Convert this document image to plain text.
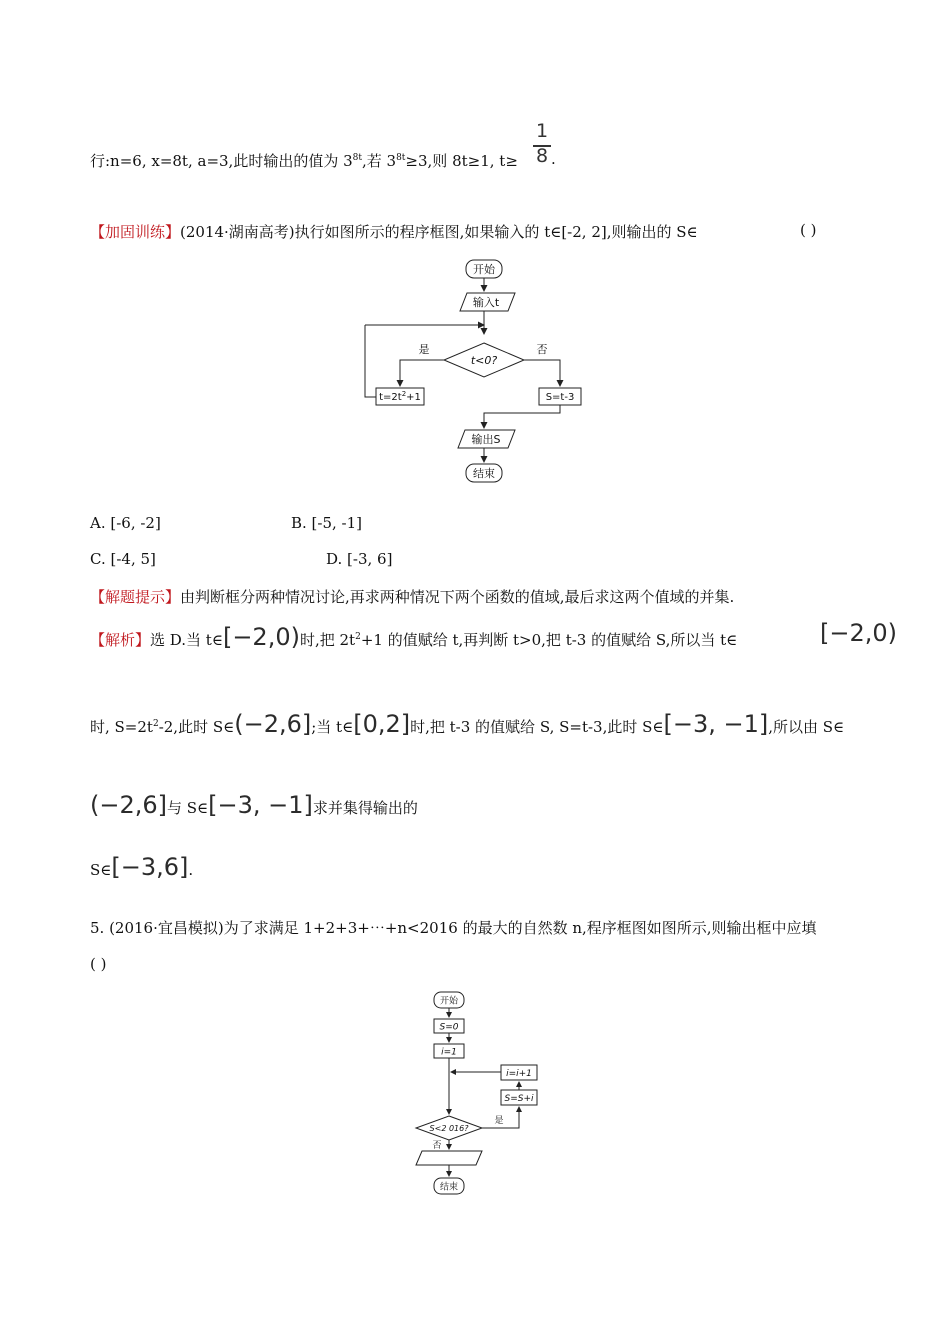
行:n=6, x=8t, a=3,此时输出的值为 $3^{8t}$,若 $3^{8t}\ge 3$,则 8t≥1, t≥
1
8 .
【加固训练】(2014·湖南高考)执行如图所示的程序框图,如果输入的 t∈[-2, 2],则输出的 S∈	( )
开始
输入t
t<0?
是	否
$t=2t^2+1$	S=t-3
输出S
结束
A. [-6, -2]	B. [-5, -1]
C. [-4, 5]	D. [-3, 6]
【解题提示】由判断框分两种情况讨论,再求两种情况下两个函数的值域,最后求这两个值域的并集.
【解析】选 D.当 t∈[−2,0)时,把 $2t^2+1$ 的值赋给 t,再判断 t>0,把 t-3 的值赋给 S,所以当 t∈	[−2,0)
时, $S=2t^2-2$,此时 S∈(−2,6];当 t∈[0,2]时,把 t-3 的值赋给 S, S=t-3,此时 S∈[−3, −1],所以由 S∈
(−2,6]与 S∈[−3, −1]求并集得输出的
S∈[−3,6].
5. (2016·宜昌模拟)为了求满足 1+2+3+⋯+n<2016 的最大的自然数 n,程序框图如图所示,则输出框中应填
( )
开始
S=0
i=1
i=i+1
S=S+i
S<2 016?
是
否
结束
